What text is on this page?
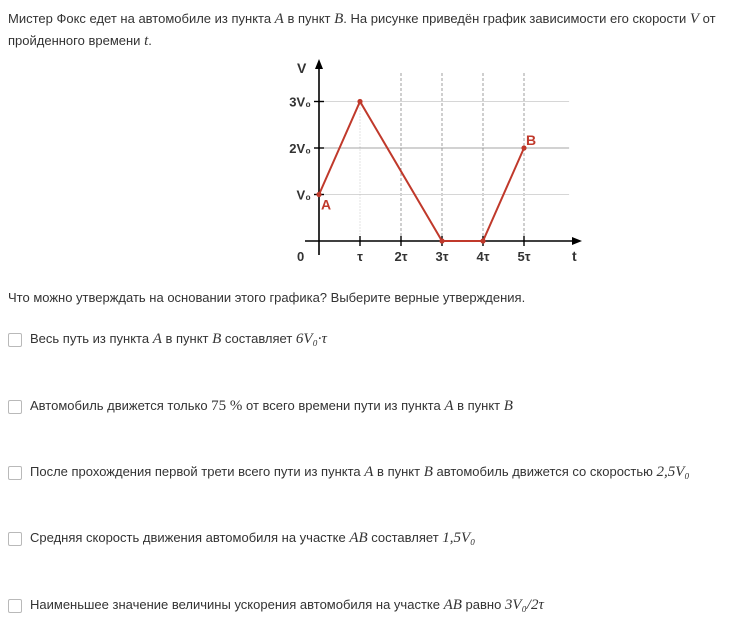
Мистер Фокс едет на автомобиле из пункта A в пункт B. На рисунке приведён график зависимости его скорости V от пройденного времени t.
V
t
0	τ 2τ 3τ 4τ 5τ
V₀
2V₀
3V₀
A
B
Что можно утверждать на основании этого графика? Выберите верные утверждения.
Весь путь из пункта A в пункт B составляет 6V₀·τ
Автомобиль движется только 75 % от всего времени пути из пункта A в пункт B
После прохождения первой трети всего пути из пункта A в пункт B автомобиль движется со скоростью 2,5V₀
Средняя скорость движения автомобиля на участке AB составляет 1,5V₀
Наименьшее значение величины ускорения автомобиля на участке AB равно 3V₀/2τ
